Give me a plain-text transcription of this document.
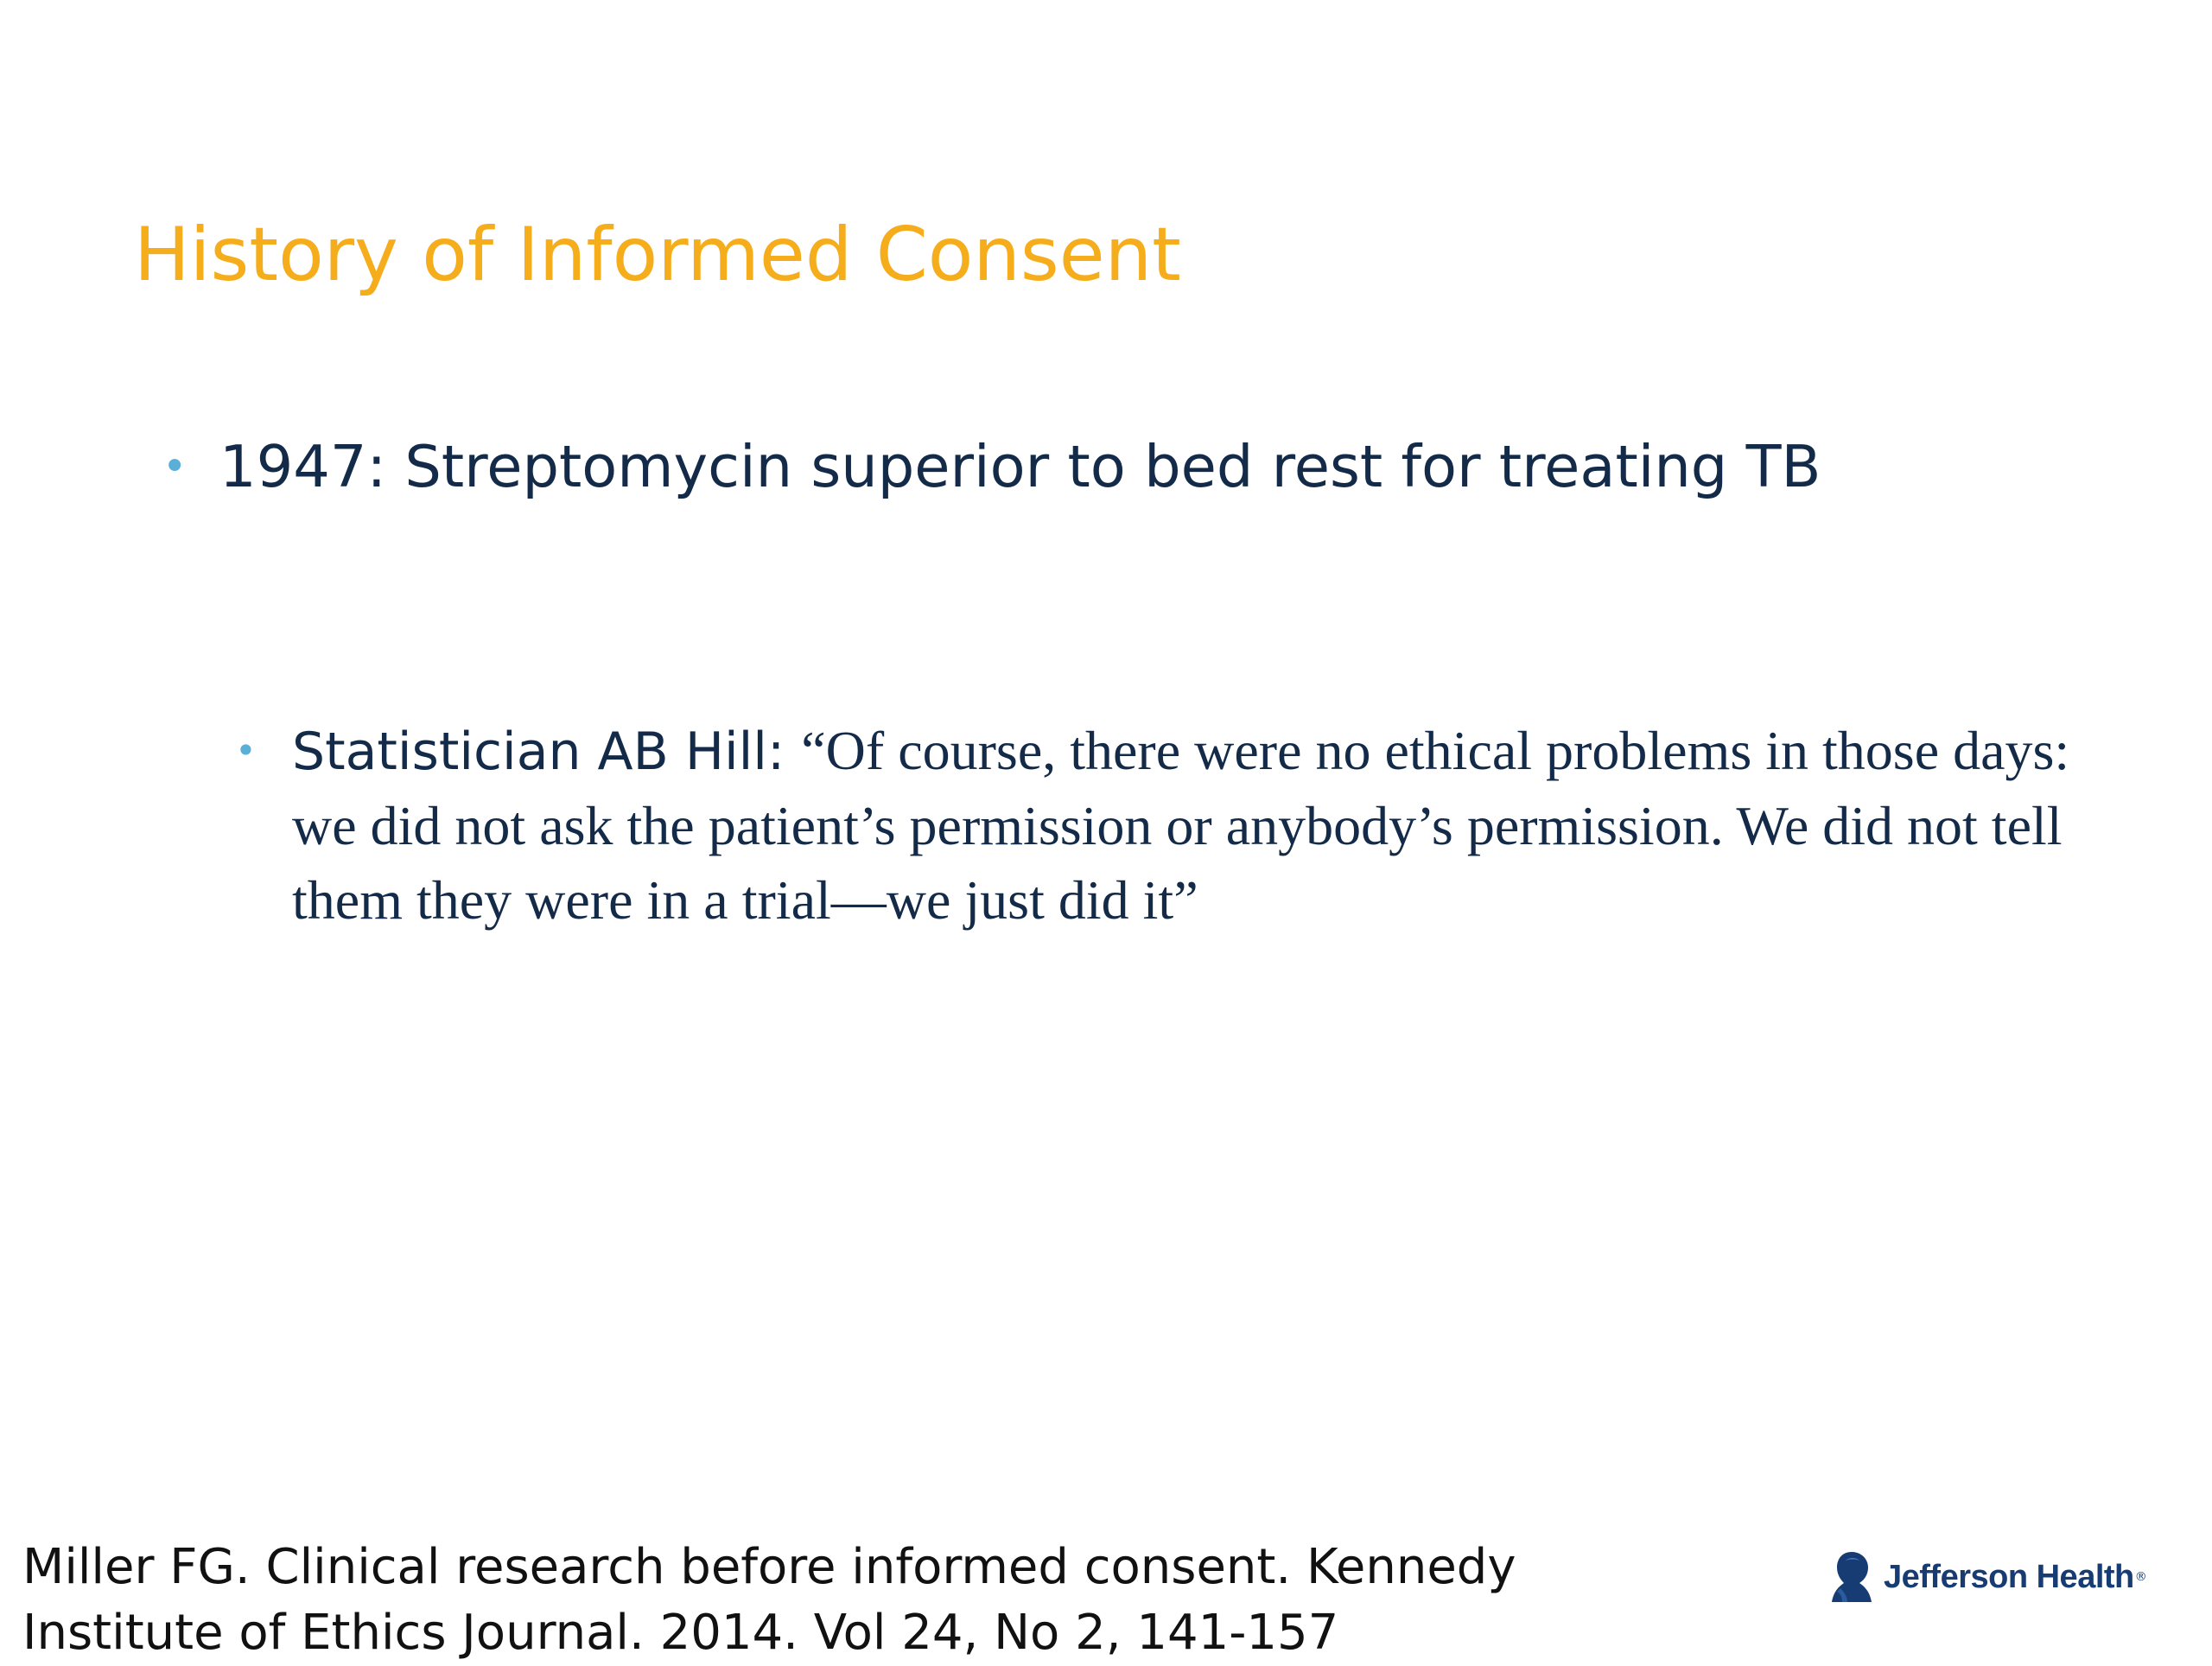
History of Informed Consent
• 1947: Streptomycin superior to bed rest for treating TB
• Statistician AB Hill: “Of course, there were no ethical problems in those days: we did not ask the patient’s permission or anybody’s permission. We did not tell them they were in a trial—we just did it”
Miller FG. Clinical research before informed consent. Kennedy
Institute of Ethics Journal. 2014. Vol 24, No 2, 141-157
Jefferson Health ®
